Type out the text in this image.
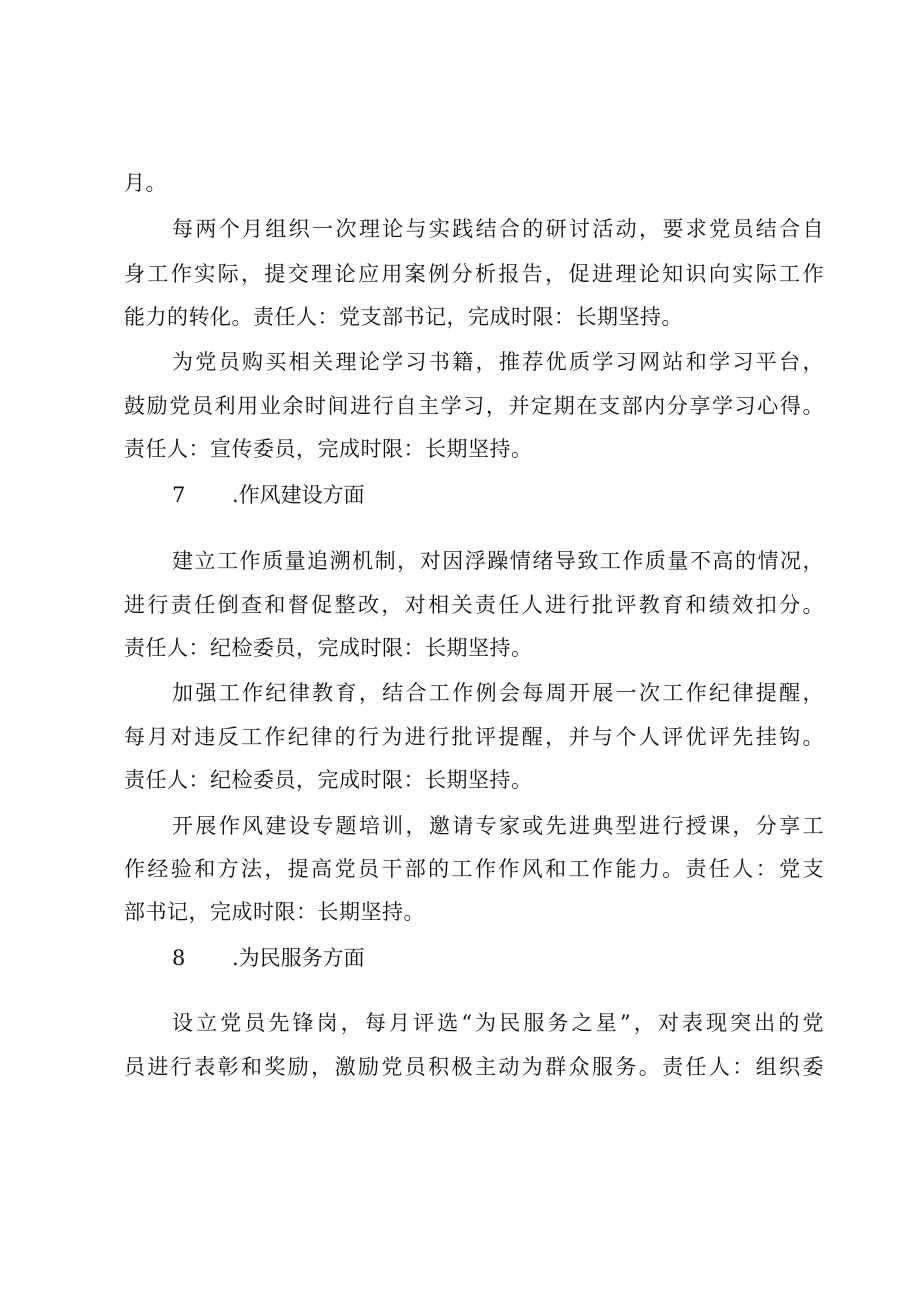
月。
每两个月组织一次理论与实践结合的研讨活动，要求党员结合自
身工作实际，提交理论应用案例分析报告，促进理论知识向实际工作
能力的转化。责任人：党支部书记，完成时限：长期坚持。
为党员购买相关理论学习书籍，推荐优质学习网站和学习平台，
鼓励党员利用业余时间进行自主学习，并定期在支部内分享学习心得。
责任人：宣传委员，完成时限：长期坚持。
7 .作风建设方面
建立工作质量追溯机制，对因浮躁情绪导致工作质量不高的情况，
进行责任倒查和督促整改，对相关责任人进行批评教育和绩效扣分。
责任人：纪检委员，完成时限：长期坚持。
加强工作纪律教育，结合工作例会每周开展一次工作纪律提醒，
每月对违反工作纪律的行为进行批评提醒，并与个人评优评先挂钩。
责任人：纪检委员，完成时限：长期坚持。
开展作风建设专题培训，邀请专家或先进典型进行授课，分享工
作经验和方法，提高党员干部的工作作风和工作能力。责任人：党支
部书记，完成时限：长期坚持。
8 .为民服务方面
设立党员先锋岗，每月评选“为民服务之星”，对表现突出的党
员进行表彰和奖励，激励党员积极主动为群众服务。责任人：组织委
